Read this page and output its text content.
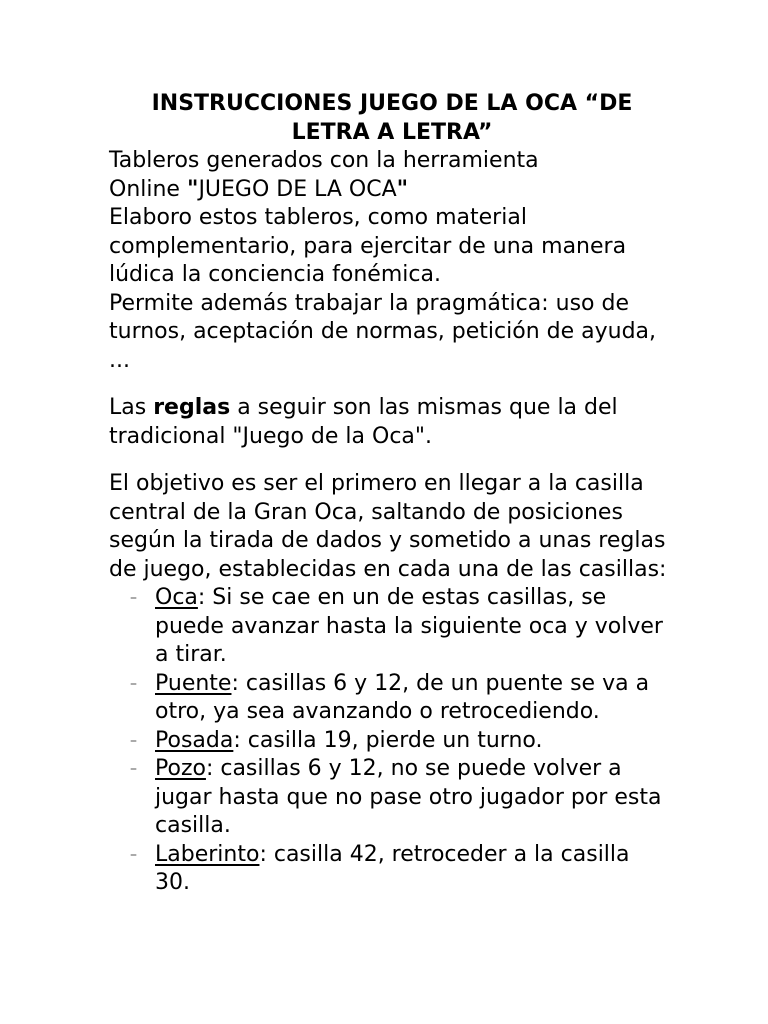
INSTRUCCIONES JUEGO DE LA OCA “DE LETRA A LETRA”

Tableros generados con la herramienta
Online "JUEGO DE LA OCA"
Elaboro estos tableros, como material complementario, para ejercitar de una manera lúdica la conciencia fonémica.
Permite además trabajar la pragmática: uso de turnos, aceptación de normas, petición de ayuda, ...

Las reglas a seguir son las mismas que la del tradicional "Juego de la Oca".

El objetivo es ser el primero en llegar a la casilla central de la Gran Oca, saltando de posiciones según la tirada de dados y sometido a unas reglas de juego, establecidas en cada una de las casillas:

– Oca: Si se cae en un de estas casillas, se puede avanzar hasta la siguiente oca y volver a tirar.
– Puente: casillas 6 y 12, de un puente se va a otro, ya sea avanzando o retrocediendo.
– Posada: casilla 19, pierde un turno.
– Pozo: casillas 6 y 12, no se puede volver a jugar hasta que no pase otro jugador por esta casilla.
– Laberinto: casilla 42, retroceder a la casilla 30.
